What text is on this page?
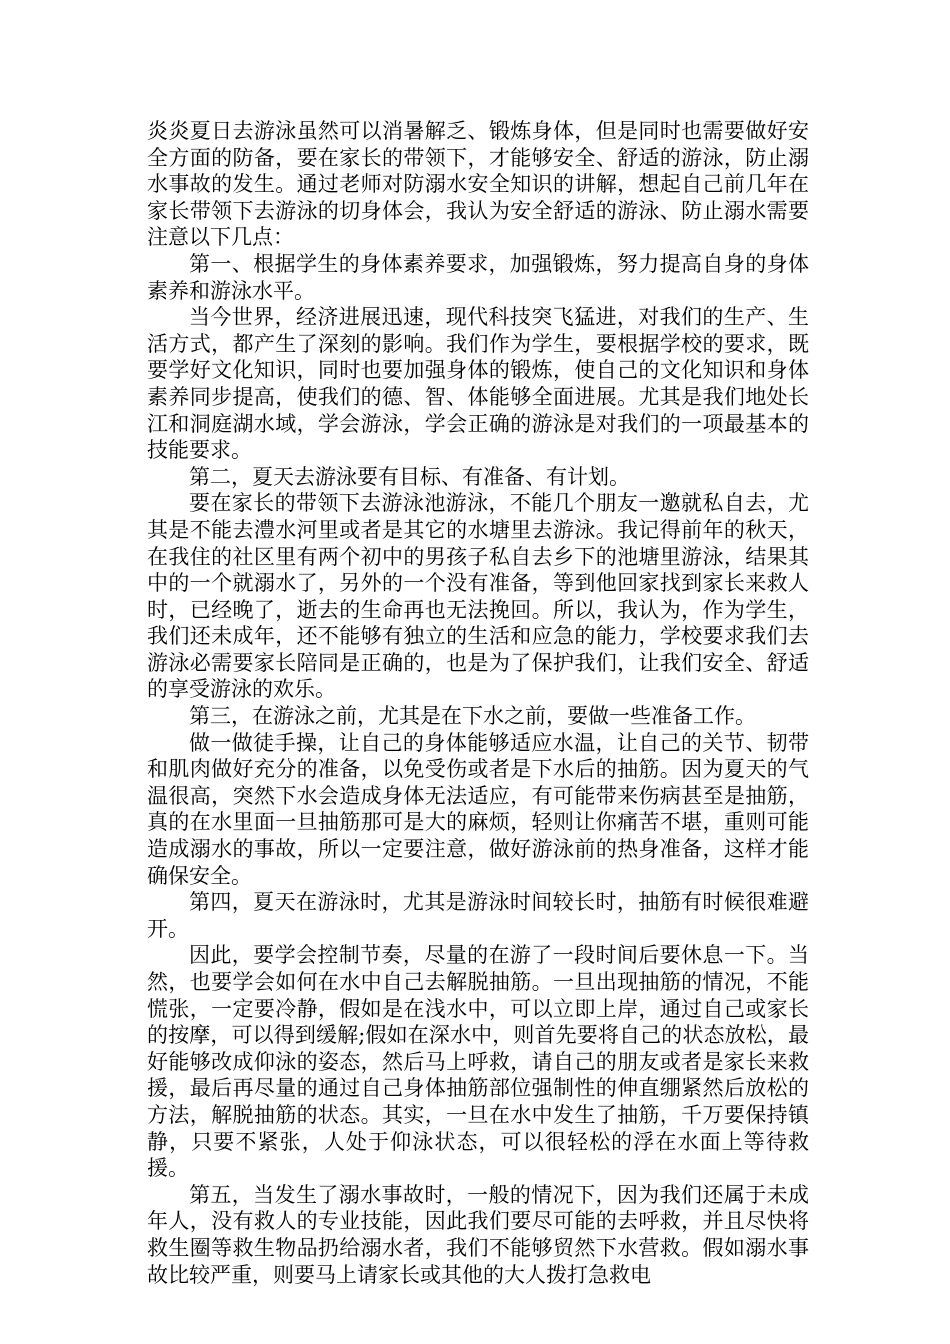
炎炎夏日去游泳虽然可以消暑解乏、锻炼身体，但是同时也需要做好安全方面的防备，要在家长的带领下，才能够安全、舒适的游泳，防止溺水事故的发生。通过老师对防溺水安全知识的讲解，想起自己前几年在家长带领下去游泳的切身体会，我认为安全舒适的游泳、防止溺水需要注意以下几点：

第一、根据学生的身体素养要求，加强锻炼，努力提高自身的身体素养和游泳水平。

当今世界，经济进展迅速，现代科技突飞猛进，对我们的生产、生活方式，都产生了深刻的影响。我们作为学生，要根据学校的要求，既要学好文化知识，同时也要加强身体的锻炼，使自己的文化知识和身体素养同步提高，使我们的德、智、体能够全面进展。尤其是我们地处长江和洞庭湖水域，学会游泳，学会正确的游泳是对我们的一项最基本的技能要求。

第二，夏天去游泳要有目标、有准备、有计划。

要在家长的带领下去游泳池游泳，不能几个朋友一邀就私自去，尤其是不能去澧水河里或者是其它的水塘里去游泳。我记得前年的秋天，在我住的社区里有两个初中的男孩子私自去乡下的池塘里游泳，结果其中的一个就溺水了，另外的一个没有准备，等到他回家找到家长来救人时，已经晚了，逝去的生命再也无法挽回。所以，我认为，作为学生，我们还未成年，还不能够有独立的生活和应急的能力，学校要求我们去游泳必需要家长陪同是正确的，也是为了保护我们，让我们安全、舒适的享受游泳的欢乐。

第三，在游泳之前，尤其是在下水之前，要做一些准备工作。

做一做徒手操，让自己的身体能够适应水温，让自己的关节、韧带和肌肉做好充分的准备，以免受伤或者是下水后的抽筋。因为夏天的气温很高，突然下水会造成身体无法适应，有可能带来伤病甚至是抽筋，真的在水里面一旦抽筋那可是大的麻烦，轻则让你痛苦不堪，重则可能造成溺水的事故，所以一定要注意，做好游泳前的热身准备，这样才能确保安全。

第四，夏天在游泳时，尤其是游泳时间较长时，抽筋有时候很难避开。

因此，要学会控制节奏，尽量的在游了一段时间后要休息一下。当然，也要学会如何在水中自己去解脱抽筋。一旦出现抽筋的情况，不能慌张，一定要冷静，假如是在浅水中，可以立即上岸，通过自己或家长的按摩，可以得到缓解;假如在深水中，则首先要将自己的状态放松，最好能够改成仰泳的姿态，然后马上呼救，请自己的朋友或者是家长来救援，最后再尽量的通过自己身体抽筋部位强制性的伸直绷紧然后放松的方法，解脱抽筋的状态。其实，一旦在水中发生了抽筋，千万要保持镇静，只要不紧张，人处于仰泳状态，可以很轻松的浮在水面上等待救援。

第五，当发生了溺水事故时，一般的情况下，因为我们还属于未成年人，没有救人的专业技能，因此我们要尽可能的去呼救，并且尽快将救生圈等救生物品扔给溺水者，我们不能够贸然下水营救。假如溺水事故比较严重，则要马上请家长或其他的大人拨打急救电
